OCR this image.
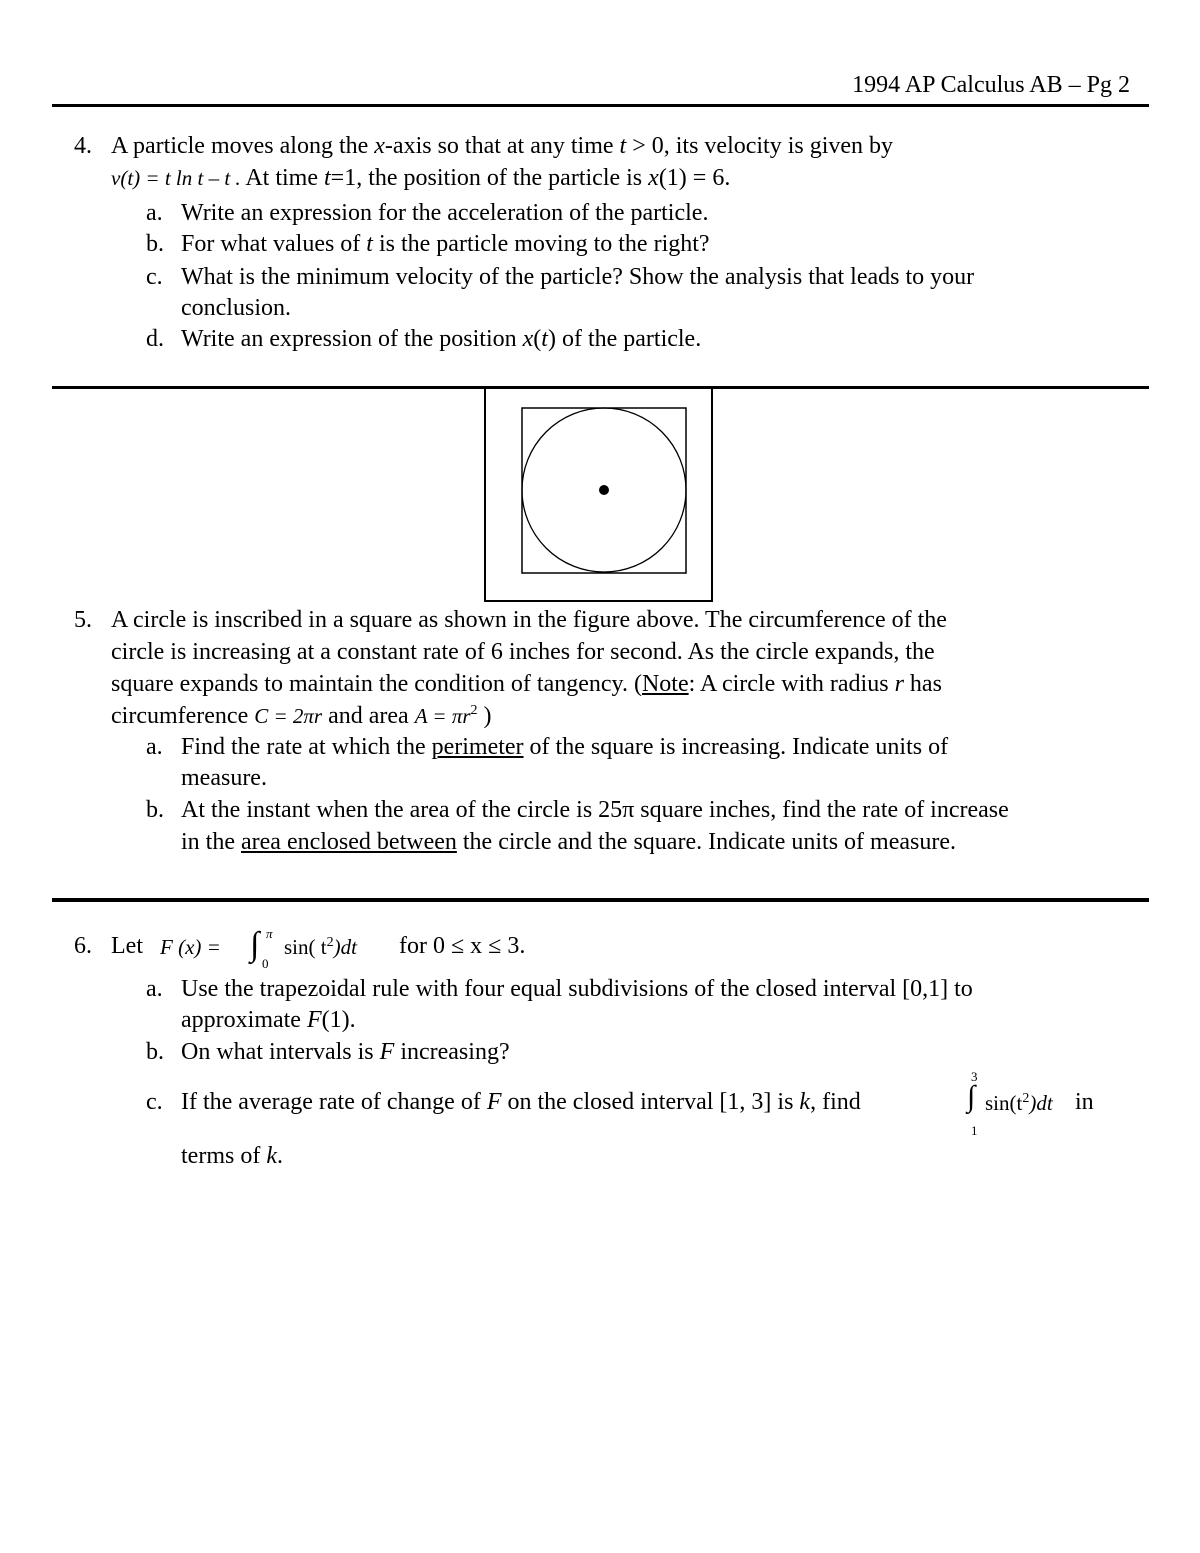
1994 AP Calculus AB – Pg 2
4. A particle moves along the x-axis so that at any time t > 0, its velocity is given by
v(t) = t ln t – t . At time t=1, the position of the particle is x(1) = 6.
a. Write an expression for the acceleration of the particle.
b. For what values of t is the particle moving to the right?
c. What is the minimum velocity of the particle? Show the analysis that leads to your
conclusion.
d. Write an expression of the position x(t) of the particle.
5. A circle is inscribed in a square as shown in the figure above. The circumference of the
circle is increasing at a constant rate of 6 inches for second. As the circle expands, the
square expands to maintain the condition of tangency. (Note: A circle with radius r has
circumference C = 2πr and area $A = \pi r^2$ )
a. Find the rate at which the perimeter of the square is increasing. Indicate units of
measure.
b. At the instant when the area of the circle is 25π square inches, find the rate of increase
in the area enclosed between the circle and the square. Indicate units of measure.
6. Let F (x) = ∫ π
0
sin( $t^2)dt$ for 0 ≤ x ≤ 3.
a. Use the trapezoidal rule with four equal subdivisions of the closed interval [0,1] to
approximate F(1).
b. On what intervals is F increasing?
c. If the average rate of change of F on the closed interval [1, 3] is k, find
3
∫
1
$\sin(t^2)dt$ in
terms of k.
